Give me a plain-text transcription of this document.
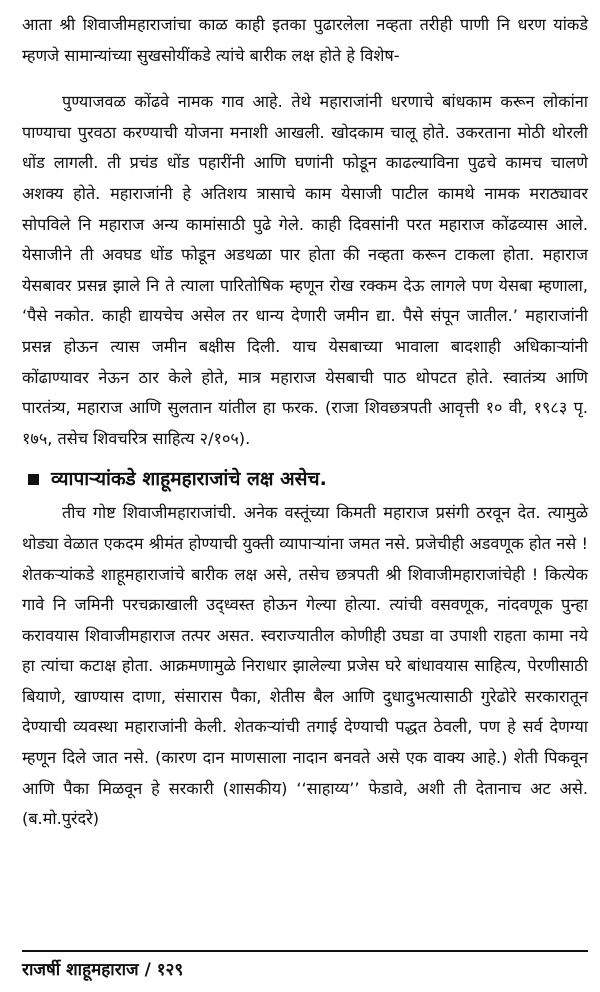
आता श्री शिवाजीमहाराजांचा काळ काही इतका पुढारलेला नव्हता तरीही पाणी नि धरण यांकडे म्हणजे सामान्यांच्या सुखसोयींकडे त्यांचे बारीक लक्ष होते हे विशेष-

पुण्याजवळ कोंढवे नामक गाव आहे. तेथे महाराजांनी धरणाचे बांधकाम करून लोकांना पाण्याचा पुरवठा करण्याची योजना मनाशी आखली. खोदकाम चालू होते. उकरताना मोठी थोरली धोंड लागली. ती प्रचंड धोंड पहारींनी आणि घणांनी फोडून काढल्याविना पुढचे कामच चालणे अशक्य होते. महाराजांनी हे अतिशय त्रासाचे काम येसाजी पाटील कामथे नामक मराठ्यावर सोपविले नि महाराज अन्य कामांसाठी पुढे गेले. काही दिवसांनी परत महाराज कोंढव्यास आले. येसाजीने ती अवघड धोंड फोडून अडथळा पार होता की नव्हता करून टाकला होता. महाराज येसबावर प्रसन्न झाले नि ते त्याला पारितोषिक म्हणून रोख रक्कम देऊ लागले पण येसबा म्हणाला, ‘पैसे नकोत. काही द्यायचेच असेल तर धान्य देणारी जमीन द्या. पैसे संपून जातील.’ महाराजांनी प्रसन्न होऊन त्यास जमीन बक्षीस दिली. याच येसबाच्या भावाला बादशाही अधिकाऱ्यांनी कोंढाण्यावर नेऊन ठार केले होते, मात्र महाराज येसबाची पाठ थोपटत होते. स्वातंत्र्य आणि पारतंत्र्य, महाराज आणि सुलतान यांतील हा फरक. (राजा शिवछत्रपती आवृत्ती १० वी, १९८३ पृ. १७५, तसेच शिवचरित्र साहित्य २/१०५).

व्यापाऱ्यांकडे शाहूमहाराजांचे लक्ष असेच.

तीच गोष्ट शिवाजीमहाराजांची. अनेक वस्तूंच्या किमती महाराज प्रसंगी ठरवून देत. त्यामुळे थोड्या वेळात एकदम श्रीमंत होण्याची युक्ती व्यापाऱ्यांना जमत नसे. प्रजेचीही अडवणूक होत नसे ! शेतकऱ्यांकडे शाहूमहाराजांचे बारीक लक्ष असे, तसेच छत्रपती श्री शिवाजीमहाराजांचेही ! कित्येक गावे नि जमिनी परचक्राखाली उद्ध्वस्त होऊन गेल्या होत्या. त्यांची वसवणूक, नांदवणूक पुन्हा करावयास शिवाजीमहाराज तत्पर असत. स्वराज्यातील कोणीही उघडा वा उपाशी राहता कामा नये हा त्यांचा कटाक्ष होता. आक्रमणामुळे निराधार झालेल्या प्रजेस घरे बांधावयास साहित्य, पेरणीसाठी बियाणे, खाण्यास दाणा, संसारास पैका, शेतीस बैल आणि दुधादुभत्यासाठी गुरेढोरे सरकारातून देण्याची व्यवस्था महाराजांनी केली. शेतकऱ्यांची तगाई देण्याची पद्धत ठेवली, पण हे सर्व देणग्या म्हणून दिले जात नसे. (कारण दान माणसाला नादान बनवते असे एक वाक्य आहे.) शेती पिकवून आणि पैका मिळवून हे सरकारी (शासकीय) ‘‘साहाय्य’’ फेडावे, अशी ती देतानाच अट असे. (ब.मो.पुरंदरे)

राजर्षी शाहूमहाराज / १२९
